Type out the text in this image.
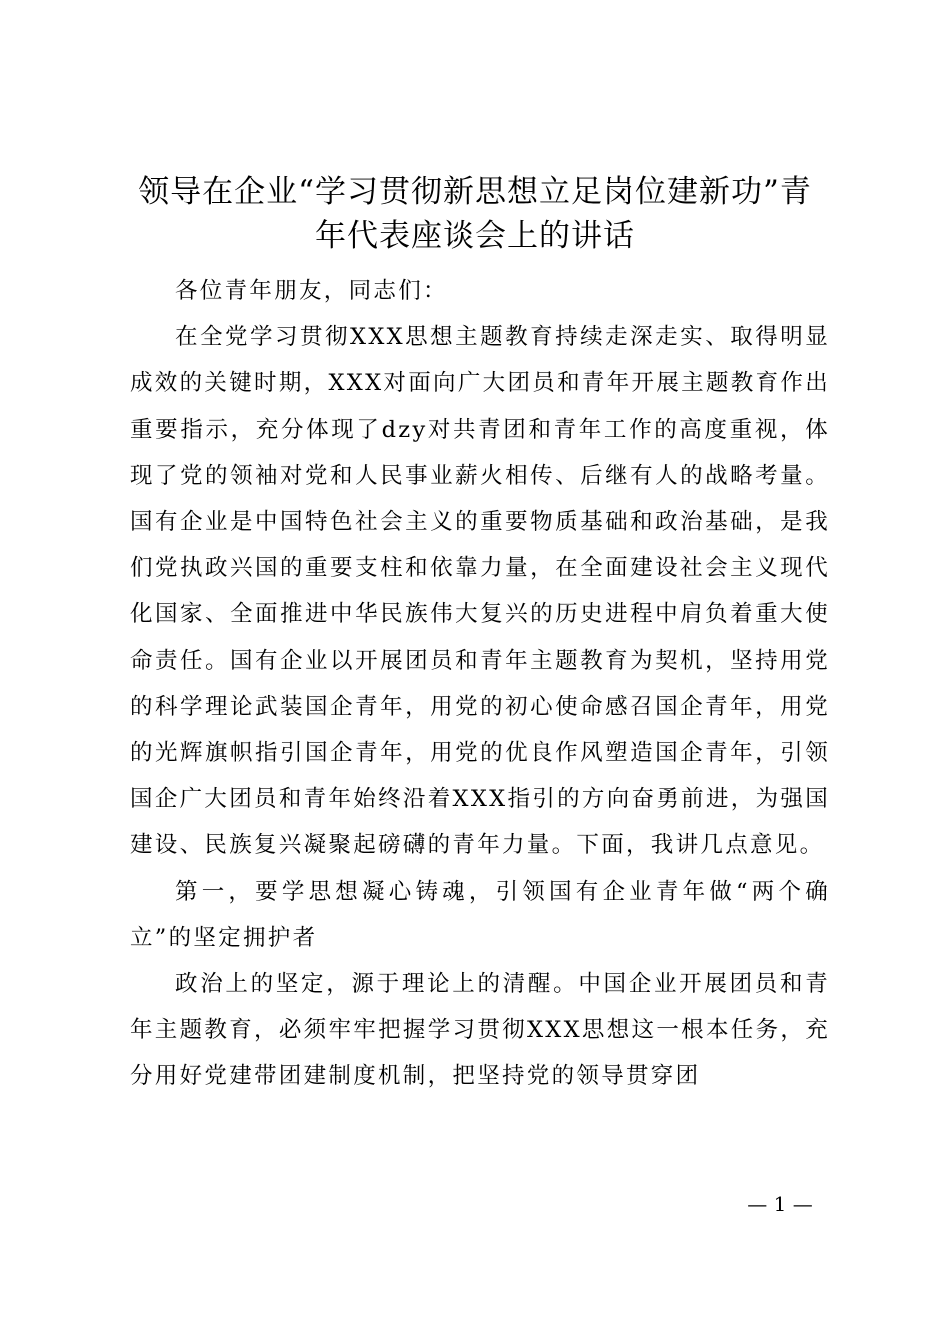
领导在企业“学习贯彻新思想立足岗位建新功”青年代表座谈会上的讲话

各位青年朋友，同志们：

在全党学习贯彻XXX思想主题教育持续走深走实、取得明显成效的关键时期，XXX对面向广大团员和青年开展主题教育作出重要指示，充分体现了dzy对共青团和青年工作的高度重视，体现了党的领袖对党和人民事业薪火相传、后继有人的战略考量。国有企业是中国特色社会主义的重要物质基础和政治基础，是我们党执政兴国的重要支柱和依靠力量，在全面建设社会主义现代化国家、全面推进中华民族伟大复兴的历史进程中肩负着重大使命责任。国有企业以开展团员和青年主题教育为契机，坚持用党的科学理论武装国企青年，用党的初心使命感召国企青年，用党的光辉旗帜指引国企青年，用党的优良作风塑造国企青年，引领国企广大团员和青年始终沿着XXX指引的方向奋勇前进，为强国建设、民族复兴凝聚起磅礴的青年力量。下面，我讲几点意见。

第一，要学思想凝心铸魂，引领国有企业青年做“两个确立”的坚定拥护者

政治上的坚定，源于理论上的清醒。中国企业开展团员和青年主题教育，必须牢牢把握学习贯彻XXX思想这一根本任务，充分用好党建带团建制度机制，把坚持党的领导贯穿团

— 1 —
